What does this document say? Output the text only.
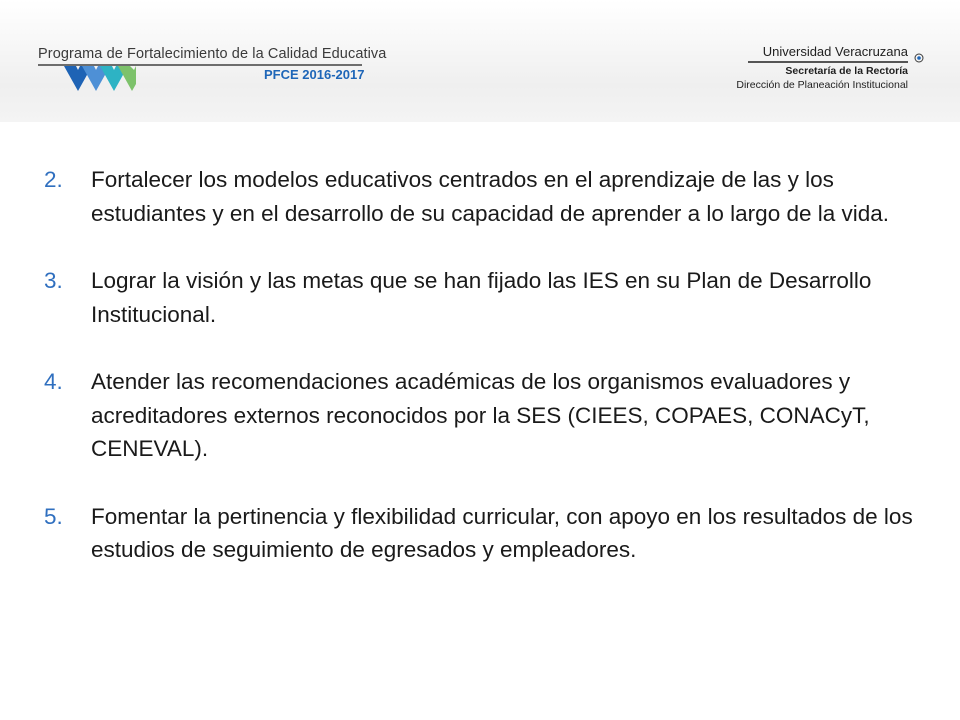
Programa de Fortalecimiento de la Calidad Educativa
PFCE 2016-2017
Universidad Veracruzana
Secretaría de la Rectoría
Dirección de Planeación Institucional
2. Fortalecer los modelos educativos centrados en el aprendizaje de las y los estudiantes y en el desarrollo de su capacidad de aprender a lo largo de la vida.
3. Lograr la visión y las metas que se han fijado las IES en su Plan de Desarrollo Institucional.
4. Atender las recomendaciones académicas de los organismos evaluadores y acreditadores externos reconocidos por la SES (CIEES, COPAES, CONACyT, CENEVAL).
5. Fomentar la pertinencia y flexibilidad curricular, con apoyo en los resultados de los estudios de seguimiento de egresados y empleadores.
